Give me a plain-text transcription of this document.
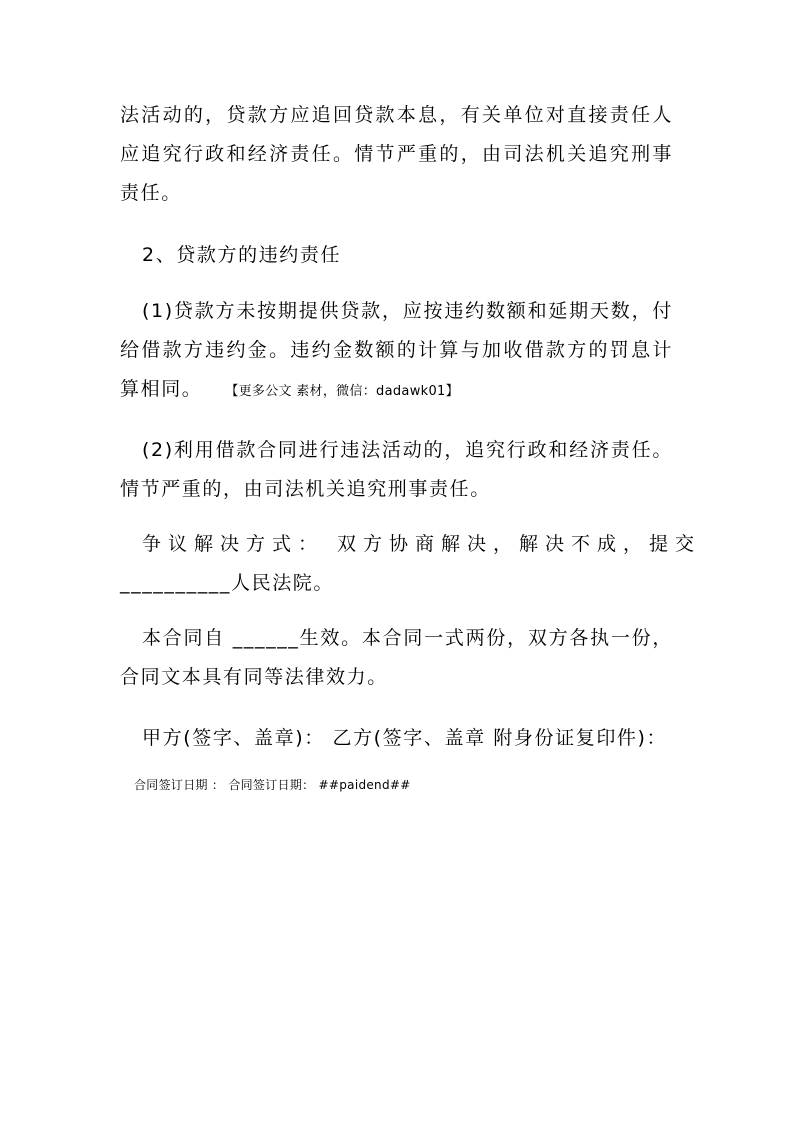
法活动的，贷款方应追回贷款本息，有关单位对直接责任人
应追究行政和经济责任。情节严重的，由司法机关追究刑事
责任。
2、贷款方的违约责任
(1)贷款方未按期提供贷款，应按违约数额和延期天数，付
给借款方违约金。违约金数额的计算与加收借款方的罚息计
算相同。 【更多公文 素材，微信：dadawk01】
(2)利用借款合同进行违法活动的，追究行政和经济责任。
情节严重的，由司法机关追究刑事责任。
争议解决方式： 双方协商解决，解决不成，提交
__________人民法院。
本合同自 ______生效。本合同一式两份，双方各执一份，
合同文本具有同等法律效力。
甲方(签字、盖章)： 乙方(签字、盖章 附身份证复印件)：
合同签订日期 ： 合同签订日期： ##paidend##
